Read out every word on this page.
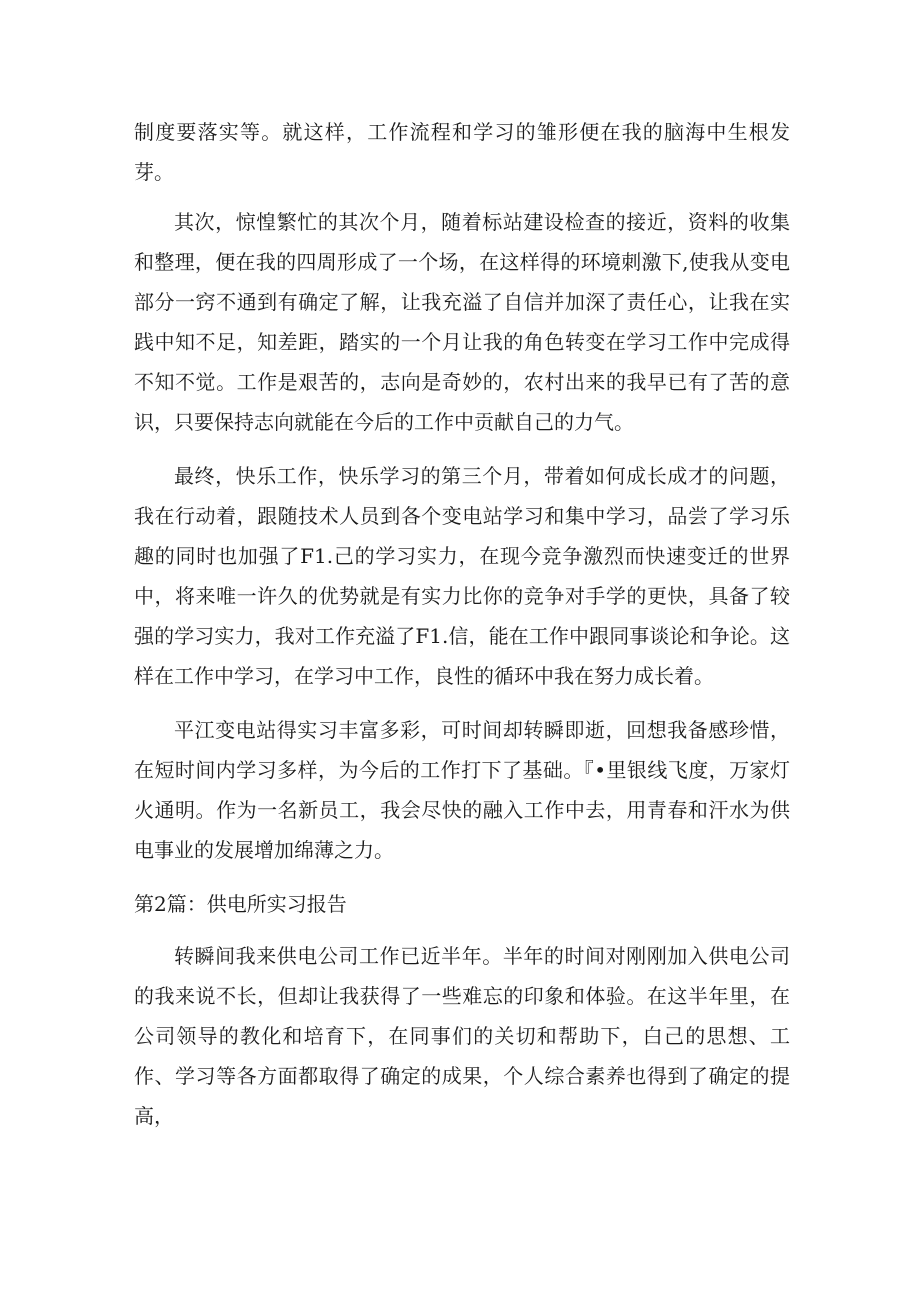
制度要落实等。就这样，工作流程和学习的雏形便在我的脑海中生根发芽。

其次，惊惶繁忙的其次个月，随着标站建设检查的接近，资料的收集和整理，便在我的四周形成了一个场，在这样得的环境刺激下,使我从变电部分一窍不通到有确定了解，让我充溢了自信并加深了责任心，让我在实践中知不足，知差距，踏实的一个月让我的角色转变在学习工作中完成得不知不觉。工作是艰苦的，志向是奇妙的，农村出来的我早已有了苦的意识，只要保持志向就能在今后的工作中贡献自己的力气。

最终，快乐工作，快乐学习的第三个月，带着如何成长成才的问题，我在行动着，跟随技术人员到各个变电站学习和集中学习，品尝了学习乐趣的同时也加强了F1.己的学习实力，在现今竞争激烈而快速变迁的世界中，将来唯一许久的优势就是有实力比你的竞争对手学的更快，具备了较强的学习实力，我对工作充溢了F1.信，能在工作中跟同事谈论和争论。这样在工作中学习，在学习中工作，良性的循环中我在努力成长着。

平江变电站得实习丰富多彩，可时间却转瞬即逝，回想我备感珍惜，在短时间内学习多样，为今后的工作打下了基础。『•里银线飞度，万家灯火通明。作为一名新员工，我会尽快的融入工作中去，用青春和汗水为供电事业的发展增加绵薄之力。

第2篇：供电所实习报告

转瞬间我来供电公司工作已近半年。半年的时间对刚刚加入供电公司的我来说不长，但却让我获得了一些难忘的印象和体验。在这半年里，在公司领导的教化和培育下，在同事们的关切和帮助下，白己的思想、工作、学习等各方面都取得了确定的成果，个人综合素养也得到了确定的提高，
